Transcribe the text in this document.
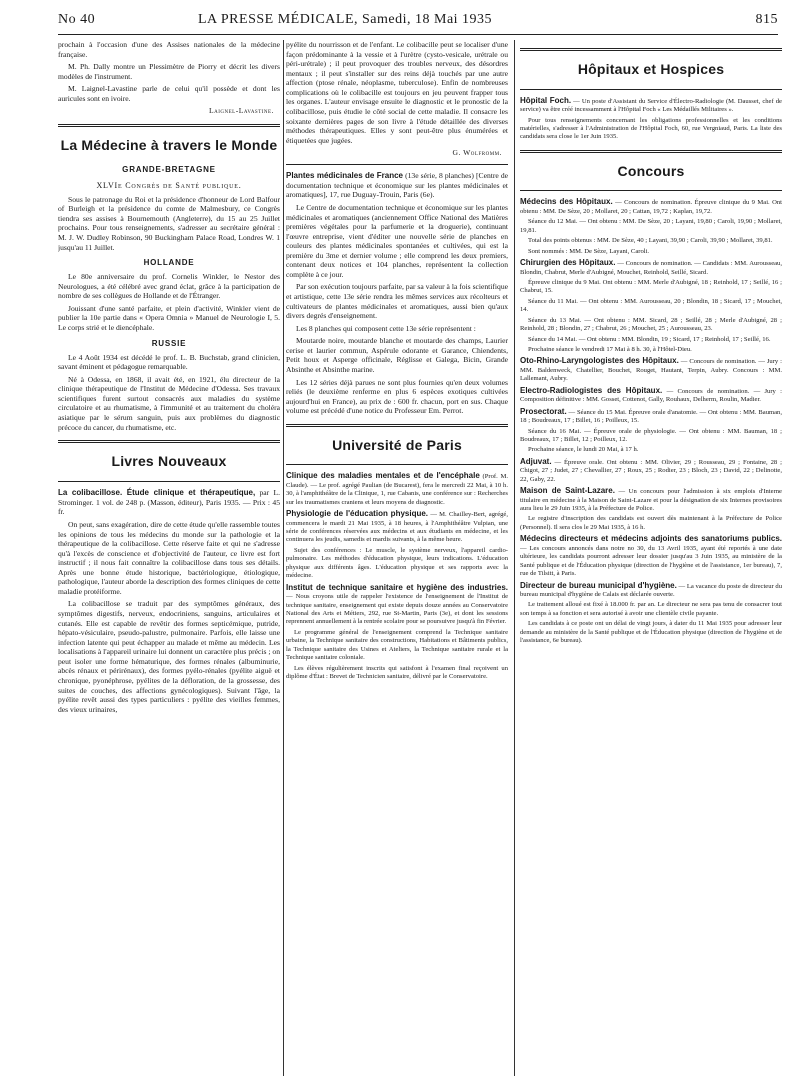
No 40	LA PRESSE MÉDICALE, Samedi, 18 Mai 1935	815

prochain à l'occasion d'une des Assises nationales de la médecine française.

M. Ph. Dally montre un Plessimètre de Piorry et décrit les divers modèles de l'instrument.

M. Laignel-Lavastine parle de celui qu'il possède et dont les auricules sont en ivoire.

Laignel-Lavastine.
La Médecine à travers le Monde
GRANDE-BRETAGNE
XLVIe Congrès de Santé publique.

Sous le patronage du Roi et la présidence d'honneur de Lord Balfour of Burleigh et la présidence du comte de Malmesbury, ce Congrès tiendra ses assises à Bournemouth (Angleterre), du 15 au 25 Juillet prochains. Pour tous renseignements, s'adresser au secrétaire général : M. J. W. Dudley Robinson, 90 Buckingham Palace Road, Londres W. 1 jusqu'au 11 Juillet.

HOLLANDE

Le 80e anniversaire du prof. Cornelis Winkler, le Nestor des Neurologues, a été célébré avec grand éclat, grâce à la participation de nombre de ses collègues de Hollande et de l'Étranger.

Jouissant d'une santé parfaite, et plein d'activité, Winkler vient de publier la 10e partie dans « Opera Omnia » Manuel de Neurologie I, 5. Le corps strié et le diencéphale.

RUSSIE

Le 4 Août 1934 est décédé le prof. L. B. Buchstab, grand clinicien, savant éminent et pédagogue remarquable.

Né à Odessa, en 1868, il avait été, en 1921, élu directeur de la clinique thérapeutique de l'Institut de Médecine d'Odessa. Ses travaux scientifiques furent surtout consacrés aux maladies du système circulatoire et au rhumatisme, à l'immunité et au traitement du choléra asiatique par le sérum sanguin, puis aux problèmes du diagnostic précoce du cancer, du rhumatisme, etc.

Livres Nouveaux

La colibacillose. Étude clinique et thérapeutique, par L. Strominger. 1 vol. de 248 p. (Masson, éditeur), Paris 1935. — Prix : 45 fr.

On peut, sans exagération, dire de cette étude qu'elle rassemble toutes les opinions de tous les médecins du monde sur la pathologie et la thérapeutique de la colibacillose. Cette réserve faite et qui ne s'adresse qu'à l'excès de conscience et d'objectivité de l'auteur, ce livre est fort instructif ; il nous fait connaître la colibacillose dans tous ses détails. Après une bonne étude historique, bactériologique, étiologique, pathologique, l'auteur aborde la description des formes cliniques de cette maladie protéiforme.

La colibacillose se traduit par des symptômes généraux, des symptômes digestifs, nerveux, endocriniens, sanguins, articulaires et cutanés. Elle est capable de revêtir des formes septicémique, putride, hépato-vésiculaire, pseudo-palustre, pulmonaire. Parfois, elle laisse une infection latente qui peut échapper au malade et même au médecin. Les localisations à l'appareil urinaire lui donnent un caractère plus précis ; on peut isoler une forme hématurique, des formes rénales (albuminurie, abcès rénaux et périrénaux), des formes pyélo-rénales (pyélite aiguë et chronique, pyonéphrose, pyélites de la défloration, de la grossesse, des suites de couches, des affections gynécologiques). Suivant l'âge, la pyélite revêt aussi des types particuliers : pyélite des vieilles femmes, des vieux urinaires,

pyélite du nourrisson et de l'enfant. Le colibacille peut se localiser d'une façon prédominante à la vessie et à l'urètre (cysto-vesicale, urétrale ou péri-urétrale) ; il peut provoquer des troubles nerveux, des désordres mentaux ; il peut s'installer sur des reins déjà touchés par une autre affection (ptose rénale, néoplasme, tuberculose). Enfin de nombreuses complications où le colibacille est toujours en jeu peuvent frapper tous les organes. L'auteur envisage ensuite le diagnostic et le pronostic de la colibacillose, puis étudie le côté social de cette maladie. Il consacre les soixante dernières pages de son livre à l'étude détaillée des diverses méthodes thérapeutiques. Elles y sont peut-être plus énumérées et étiquetées que jugées.

G. Wolfromm.

Plantes médicinales de France (13e série, 8 planches) [Centre de documentation technique et économique sur les plantes médicinales et aromatiques], 17, rue Duguay-Trouin, Paris (6e).

Le Centre de documentation technique et économique sur les plantes médicinales et aromatiques (anciennement Office National des Matières premières végétales pour la parfumerie et la droguerie), continuant l'œuvre entreprise, vient d'éditer une nouvelle série de planches en couleurs des plantes médicinales spontanées et cultivées, qui est la première du 3me et dernier volume ; elle comprend les deux premiers, contenant deux notices et 104 planches, représentent la collection complète à ce jour.

Par son exécution toujours parfaite, par sa valeur à la fois scientifique et artistique, cette 13e série rendra les mêmes services aux récolteurs et cultivateurs de plantes médicinales et aromatiques, aussi bien qu'aux divers degrés d'enseignement.

Les 8 planches qui composent cette 13e série représentent :

Moutarde noire, moutarde blanche et moutarde des champs, Laurier cerise et laurier commun, Aspérule odorante et Garance, Chiendents, Petit houx et Asperge officinale, Réglisse et Galega, Bicin, Grande Absinthe et Absinthe marine.

Les 12 séries déjà parues ne sont plus fournies qu'en deux volumes reliés (le deuxième renferme en plus 6 espèces exotiques cultivées aujourd'hui en France), au prix de : 600 fr. chacun, port en sus. Chaque volume est précédé d'une notice du Professeur Em. Perrot.

Université de Paris

Clinique des maladies mentales et de l'encéphale (Prof. M. Claude). — Le prof. agrégé Paulian (de Bucarest), fera le mercredi 22 Mai, à 10 h. 30, à l'amphithéâtre de la Clinique, 1, rue Cabanis, une conférence sur : Recherches sur les traumatismes craniens et leurs moyens de diagnostic.

Physiologie de l'éducation physique. — M. Chailley-Bert, agrégé, commencera le mardi 21 Mai 1935, à 18 heures, à l'Amphithéâtre Vulpian, une série de conférences réservées aux médecins et aux étudiants en médecine, et les continuera les jeudis, samedis et mardis suivants, à la même heure.

Sujet des conférences : Le muscle, le système nerveux, l'appareil cardio-pulmonaire. Les méthodes d'éducation physique, leurs indications. L'éducation physique aux différents âges. L'éducation physique et ses rapports avec la médecine.

Institut de technique sanitaire et hygiène des industries. — Nous croyons utile de rappeler l'existence de l'enseignement de l'Institut de technique sanitaire, enseignement qui existe depuis douze années au Conservatoire National des Arts et Métiers, 292, rue St-Martin, Paris (3e), et dont les sessions reprennent annuellement à la rentrée scolaire pour se poursuivre jusqu'à fin Février.

Le programme général de l'enseignement comprend la Technique sanitaire urbaine, la Technique sanitaire des constructions, Habitations et Bâtiments publics, la Technique sanitaire des Usines et Ateliers, la Technique sanitaire rurale et la Technique sanitaire coloniale.

Les élèves régulièrement inscrits qui satisfont à l'examen final reçoivent un diplôme d'État : Brevet de Technicien sanitaire, délivré par le Conservatoire.

Hôpitaux et Hospices

Hôpital Foch. — Un poste d'Assistant du Service d'Électro-Radiologie (M. Dausset, chef de service) va être créé incessamment à l'Hôpital Foch « Les Médaillés Militaires ».

Pour tous renseignements concernant les obligations professionnelles et les conditions matérielles, s'adresser à l'Administration de l'Hôpital Foch, 60, rue Vergniaud, Paris. La liste des candidats sera close le 1er Juin 1935.

Concours

Médecins des Hôpitaux. — Concours de nomination. Épreuve clinique du 9 Mai. Ont obtenu : MM. De Sèze, 20 ; Mollaret, 20 ; Cattan, 19,72 ; Kaplan, 19,72.

Séance du 12 Mai. — Ont obtenu : MM. De Sèze, 20 ; Layani, 19,80 ; Caroli, 19,90 ; Mollaret, 19,81.

Total des points obtenus : MM. De Sèze, 40 ; Layani, 39,90 ; Caroli, 39,90 ; Mollaret, 39,81.

Sont nommés : MM. De Sèze, Layani, Caroli.

Chirurgien des Hôpitaux. — Concours de nomination. — Candidats : MM. Aurousseau, Blondin, Chabrut, Merle d'Aubigné, Mouchet, Reinhold, Seillé, Sicard.

Épreuve clinique du 9 Mai. Ont obtenu : MM. Merle d'Aubigné, 18 ; Reinhold, 17 ; Seillé, 16 ; Chabrut, 15.

Séance du 11 Mai. — Ont obtenu : MM. Aurousseau, 20 ; Blondin, 18 ; Sicard, 17 ; Mouchet, 14.

Séance du 13 Mai. — Ont obtenu : MM. Sicard, 28 ; Seillé, 28 ; Merle d'Aubigné, 28 ; Reinhold, 28 ; Blondin, 27 ; Chabrut, 26 ; Mouchet, 25 ; Aurousseau, 23.

Séance du 14 Mai. — Ont obtenu : MM. Blondin, 19 ; Sicard, 17 ; Reinhold, 17 ; Seillé, 16.

Prochaine séance le vendredi 17 Mai à 8 h. 30, à l'Hôtel-Dieu.

Oto-Rhino-Laryngologistes des Hôpitaux. — Concours de nomination. — Jury : MM. Baldenweck, Chatellier, Bouchet, Rouget, Hautant, Terpin, Aubry. Concours : MM. Lallemant, Aubry.

Electro-Radiologistes des Hôpitaux. — Concours de nomination. — Jury : Composition définitive : MM. Gosset, Cottenot, Gally, Rouhaux, Delherm, Roulin, Madier.

Prosectorat. — Séance du 15 Mai. Épreuve orale d'anatomie. — Ont obtenu : MM. Bauman, 18 ; Boudreaux, 17 ; Billet, 16 ; Poilleux, 15.

Séance du 16 Mai. — Épreuve orale de physiologie. — Ont obtenu : MM. Bauman, 18 ; Boudreaux, 17 ; Billet, 12 ; Poilleux, 12.

Prochaine séance, le lundi 20 Mai, à 17 h.

Adjuvat. — Épreuve orale. Ont obtenu : MM. Olivier, 29 ; Rousseau, 29 ; Fontaine, 28 ; Chigot, 27 ; Judet, 27 ; Chevallier, 27 ; Roux, 25 ; Rodier, 23 ; Bloch, 23 ; David, 22 ; Delinotte, 22, Gaby, 22.

Maison de Saint-Lazare. — Un concours pour l'admission à six emplois d'Interne titulaire en médecine à la Maison de Saint-Lazare et pour la désignation de six Internes provisoires aura lieu le 29 Juin 1935, à la Préfecture de Police.

Le registre d'inscription des candidats est ouvert dès maintenant à la Préfecture de Police (Personnel). Il sera clos le 29 Mai 1935, à 16 h.

Médecins directeurs et médecins adjoints des sanatoriums publics. — Les concours annoncés dans notre no 30, du 13 Avril 1935, ayant été reportés à une date ultérieure, les candidats pourront adresser leur dossier jusqu'au 3 Juin 1935, au ministère de la Santé publique et de l'Éducation physique (direction de l'hygiène et de l'assistance, 1er bureau), 7, rue de Tilsitt, à Paris.

Directeur de bureau municipal d'hygiène. — La vacance du poste de directeur du bureau municipal d'hygiène de Calais est déclarée ouverte.

Le traitement alloué est fixé à 18.000 fr. par an. Le directeur ne sera pas tenu de consacrer tout son temps à sa fonction et sera autorisé à avoir une clientèle civile payante.

Les candidats à ce poste ont un délai de vingt jours, à dater du 11 Mai 1935 pour adresser leur demande au ministère de la Santé publique et de l'Éducation physique (direction de l'hygiène et de l'assistance, 6e bureau).
